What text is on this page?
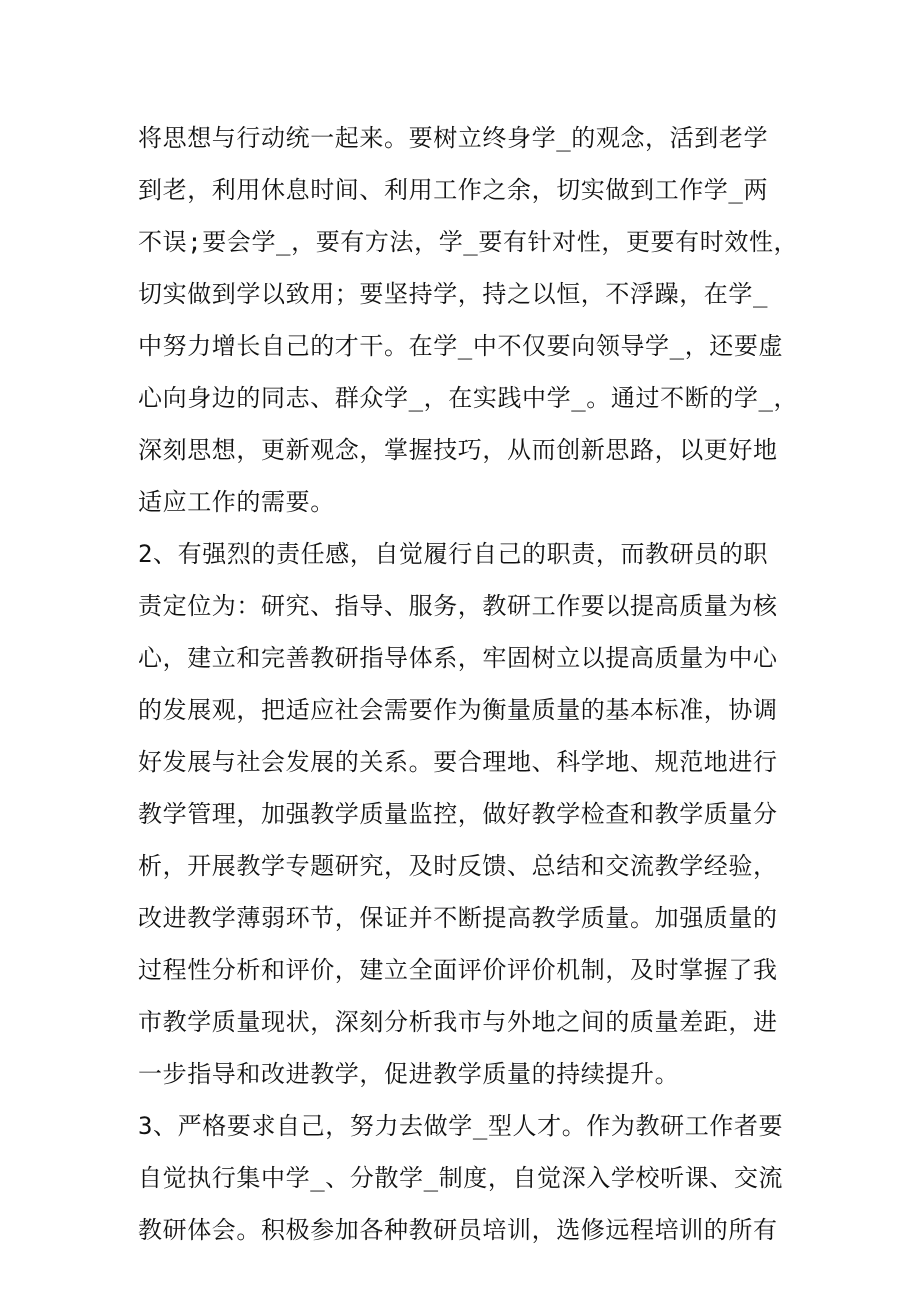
将思想与行动统一起来。要树立终身学_的观念，活到老学
到老，利用休息时间、利用工作之余，切实做到工作学_两
不误;要会学_，要有方法，学_要有针对性，更要有时效性，
切实做到学以致用；要坚持学，持之以恒，不浮躁，在学_
中努力增长自己的才干。在学_中不仅要向领导学_，还要虚
心向身边的同志、群众学_，在实践中学_。通过不断的学_，
深刻思想，更新观念，掌握技巧，从而创新思路，以更好地
适应工作的需要。
2、有强烈的责任感，自觉履行自己的职责，而教研员的职
责定位为：研究、指导、服务，教研工作要以提高质量为核
心，建立和完善教研指导体系，牢固树立以提高质量为中心
的发展观，把适应社会需要作为衡量质量的基本标准，协调
好发展与社会发展的关系。要合理地、科学地、规范地进行
教学管理，加强教学质量监控，做好教学检查和教学质量分
析，开展教学专题研究，及时反馈、总结和交流教学经验，
改进教学薄弱环节，保证并不断提高教学质量。加强质量的
过程性分析和评价，建立全面评价评价机制，及时掌握了我
市教学质量现状，深刻分析我市与外地之间的质量差距，进
一步指导和改进教学，促进教学质量的持续提升。
3、严格要求自己，努力去做学_型人才。作为教研工作者要
自觉执行集中学_、分散学_制度，自觉深入学校听课、交流
教研体会。积极参加各种教研员培训，选修远程培训的所有
